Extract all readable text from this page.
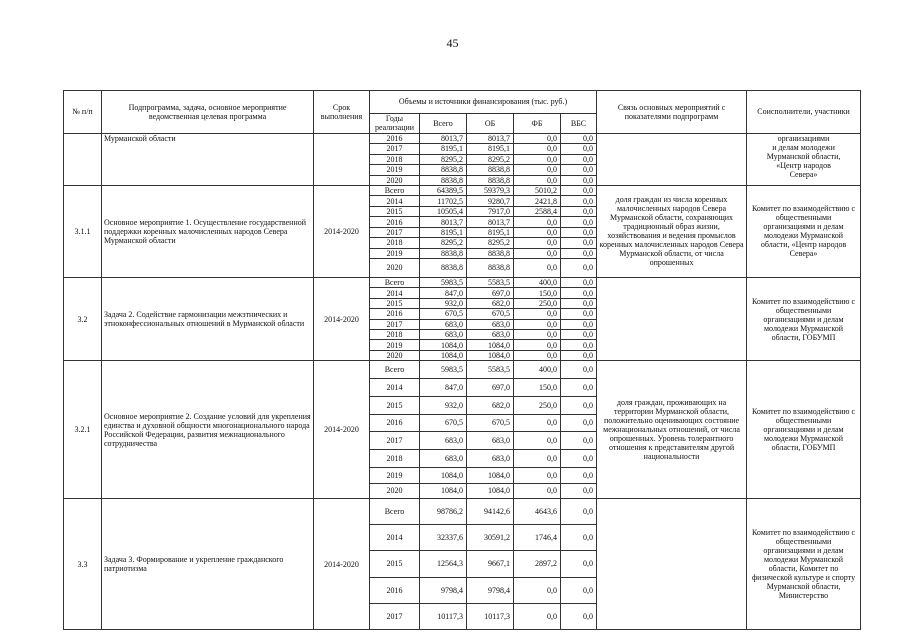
45
№ п/п	Подпрограмма, задача, основное мероприятие ведомственная целевая программа	Срок выполнения	Объемы и источники финансирования (тыс. руб.)					Связь основных мероприятий с показателями подпрограмм	Соисполнители, участники
			Годы реализации	Всего	ОБ	ФБ	ВБС		
	Мурманской области		2016	8013,7	8013,7	0,0	0,0		организациями
и делам молодежи
Мурманской области,
«Центр народов
Севера»
			2017	8195,1	8195,1	0,0	0,0		
			2018	8295,2	8295,2	0,0	0,0		
			2019	8838,8	8838,8	0,0	0,0		
			2020	8838,8	8838,8	0,0	0,0		
3.1.1	Основное мероприятие 1. Осуществление государственной поддержки коренных малочисленных народов Севера Мурманской области	2014-2020	Всего	64389,5	59379,3	5010,2	0,0	доля граждан из числа коренных малочисленных народов Севера Мурманской области, сохраняющих традиционный образ жизни, хозяйствования и ведения промыслов коренных малочисленных народов Севера Мурманской области, от числа опрошенных	Комитет по взаимодействию с общественными организациями и делам молодежи Мурманской области, «Центр народов Севера»
			2014	11702,5	9280,7	2421,8	0,0		
			2015	10505,4	7917,0	2588,4	0,0		
			2016	8013,7	8013,7	0,0	0,0		
			2017	8195,1	8195,1	0,0	0,0		
			2018	8295,2	8295,2	0,0	0,0		
			2019	8838,8	8838,8	0,0	0,0		
			2020	8838,8	8838,8	0,0	0,0		
3.2	Задача 2. Содействие гармонизации межэтнических и этноконфессиональных отношений в Мурманской области	2014-2020	Всего	5983,5	5583,5	400,0	0,0		Комитет по взаимодействию с общественными организациями и делам молодежи Мурманской области, ГОБУМП
			2014	847,0	697,0	150,0	0,0		
			2015	932,0	682,0	250,0	0,0		
			2016	670,5	670,5	0,0	0,0		
			2017	683,0	683,0	0,0	0,0		
			2018	683,0	683,0	0,0	0,0		
			2019	1084,0	1084,0	0,0	0,0		
			2020	1084,0	1084,0	0,0	0,0		
3.2.1	Основное мероприятие 2. Создание условий для укрепления единства и духовной общности многонационального народа Российской Федерации, развития межнационального сотрудничества	2014-2020	Всего	5983,5	5583,5	400,0	0,0	доля граждан, проживающих на территории Мурманской области, положительно оценивающих состояние межнациональных отношений, от числа опрошенных. Уровень толерантного отношения к представителям другой национальности	Комитет по взаимодействию с общественными организациями и делам молодежи Мурманской области, ГОБУМП
			2014	847,0	697,0	150,0	0,0		
			2015	932,0	682,0	250,0	0,0		
			2016	670,5	670,5	0,0	0,0		
			2017	683,0	683,0	0,0	0,0		
			2018	683,0	683,0	0,0	0,0		
			2019	1084,0	1084,0	0,0	0,0		
			2020	1084,0	1084,0	0,0	0,0		
3.3	Задача 3. Формирование и укрепление гражданского патриотизма	2014-2020	Всего	98786,2	94142,6	4643,6	0,0		Комитет по взаимодействию с общественными организациями и делам молодежи Мурманской области, Комитет по физической культуре и спорту Мурманской области, Министерство
			2014	32337,6	30591,2	1746,4	0,0		
			2015	12564,3	9667,1	2897,2	0,0		
			2016	9798,4	9798,4	0,0	0,0		
			2017	10117,3	10117,3	0,0	0,0		
